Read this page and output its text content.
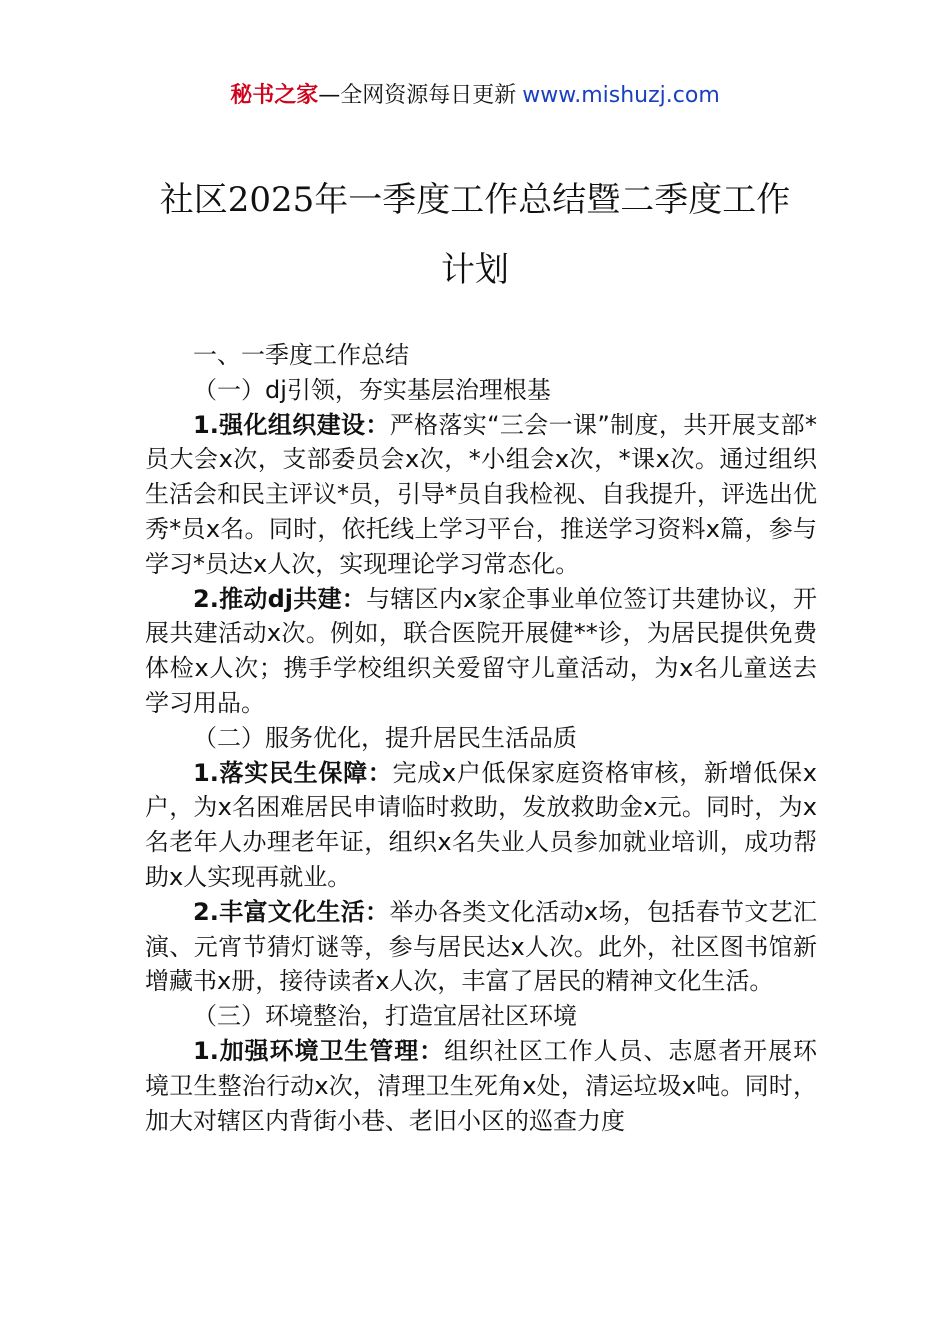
秘书之家—全网资源每日更新 www.mishuzj.com
社区2025年一季度工作总结暨二季度工作
计划

一、一季度工作总结

（一）dj引领，夯实基层治理根基

1.强化组织建设：严格落实“三会一课”制度，共开展支部*员大会x次，支部委员会x次，*小组会x次，*课x次。通过组织生活会和民主评议*员，引导*员自我检视、自我提升，评选出优秀*员x名。同时，依托线上学习平台，推送学习资料x篇，参与学习*员达x人次，实现理论学习常态化。

2.推动dj共建：与辖区内x家企事业单位签订共建协议，开展共建活动x次。例如，联合医院开展健**诊，为居民提供免费体检x人次；携手学校组织关爱留守儿童活动，为x名儿童送去学习用品。

（二）服务优化，提升居民生活品质

1.落实民生保障：完成x户低保家庭资格审核，新增低保x户，为x名困难居民申请临时救助，发放救助金x元。同时，为x名老年人办理老年证，组织x名失业人员参加就业培训，成功帮助x人实现再就业。

2.丰富文化生活：举办各类文化活动x场，包括春节文艺汇演、元宵节猜灯谜等，参与居民达x人次。此外，社区图书馆新增藏书x册，接待读者x人次，丰富了居民的精神文化生活。

（三）环境整治，打造宜居社区环境

1.加强环境卫生管理：组织社区工作人员、志愿者开展环境卫生整治行动x次，清理卫生死角x处，清运垃圾x吨。同时，加大对辖区内背街小巷、老旧小区的巡查力度
